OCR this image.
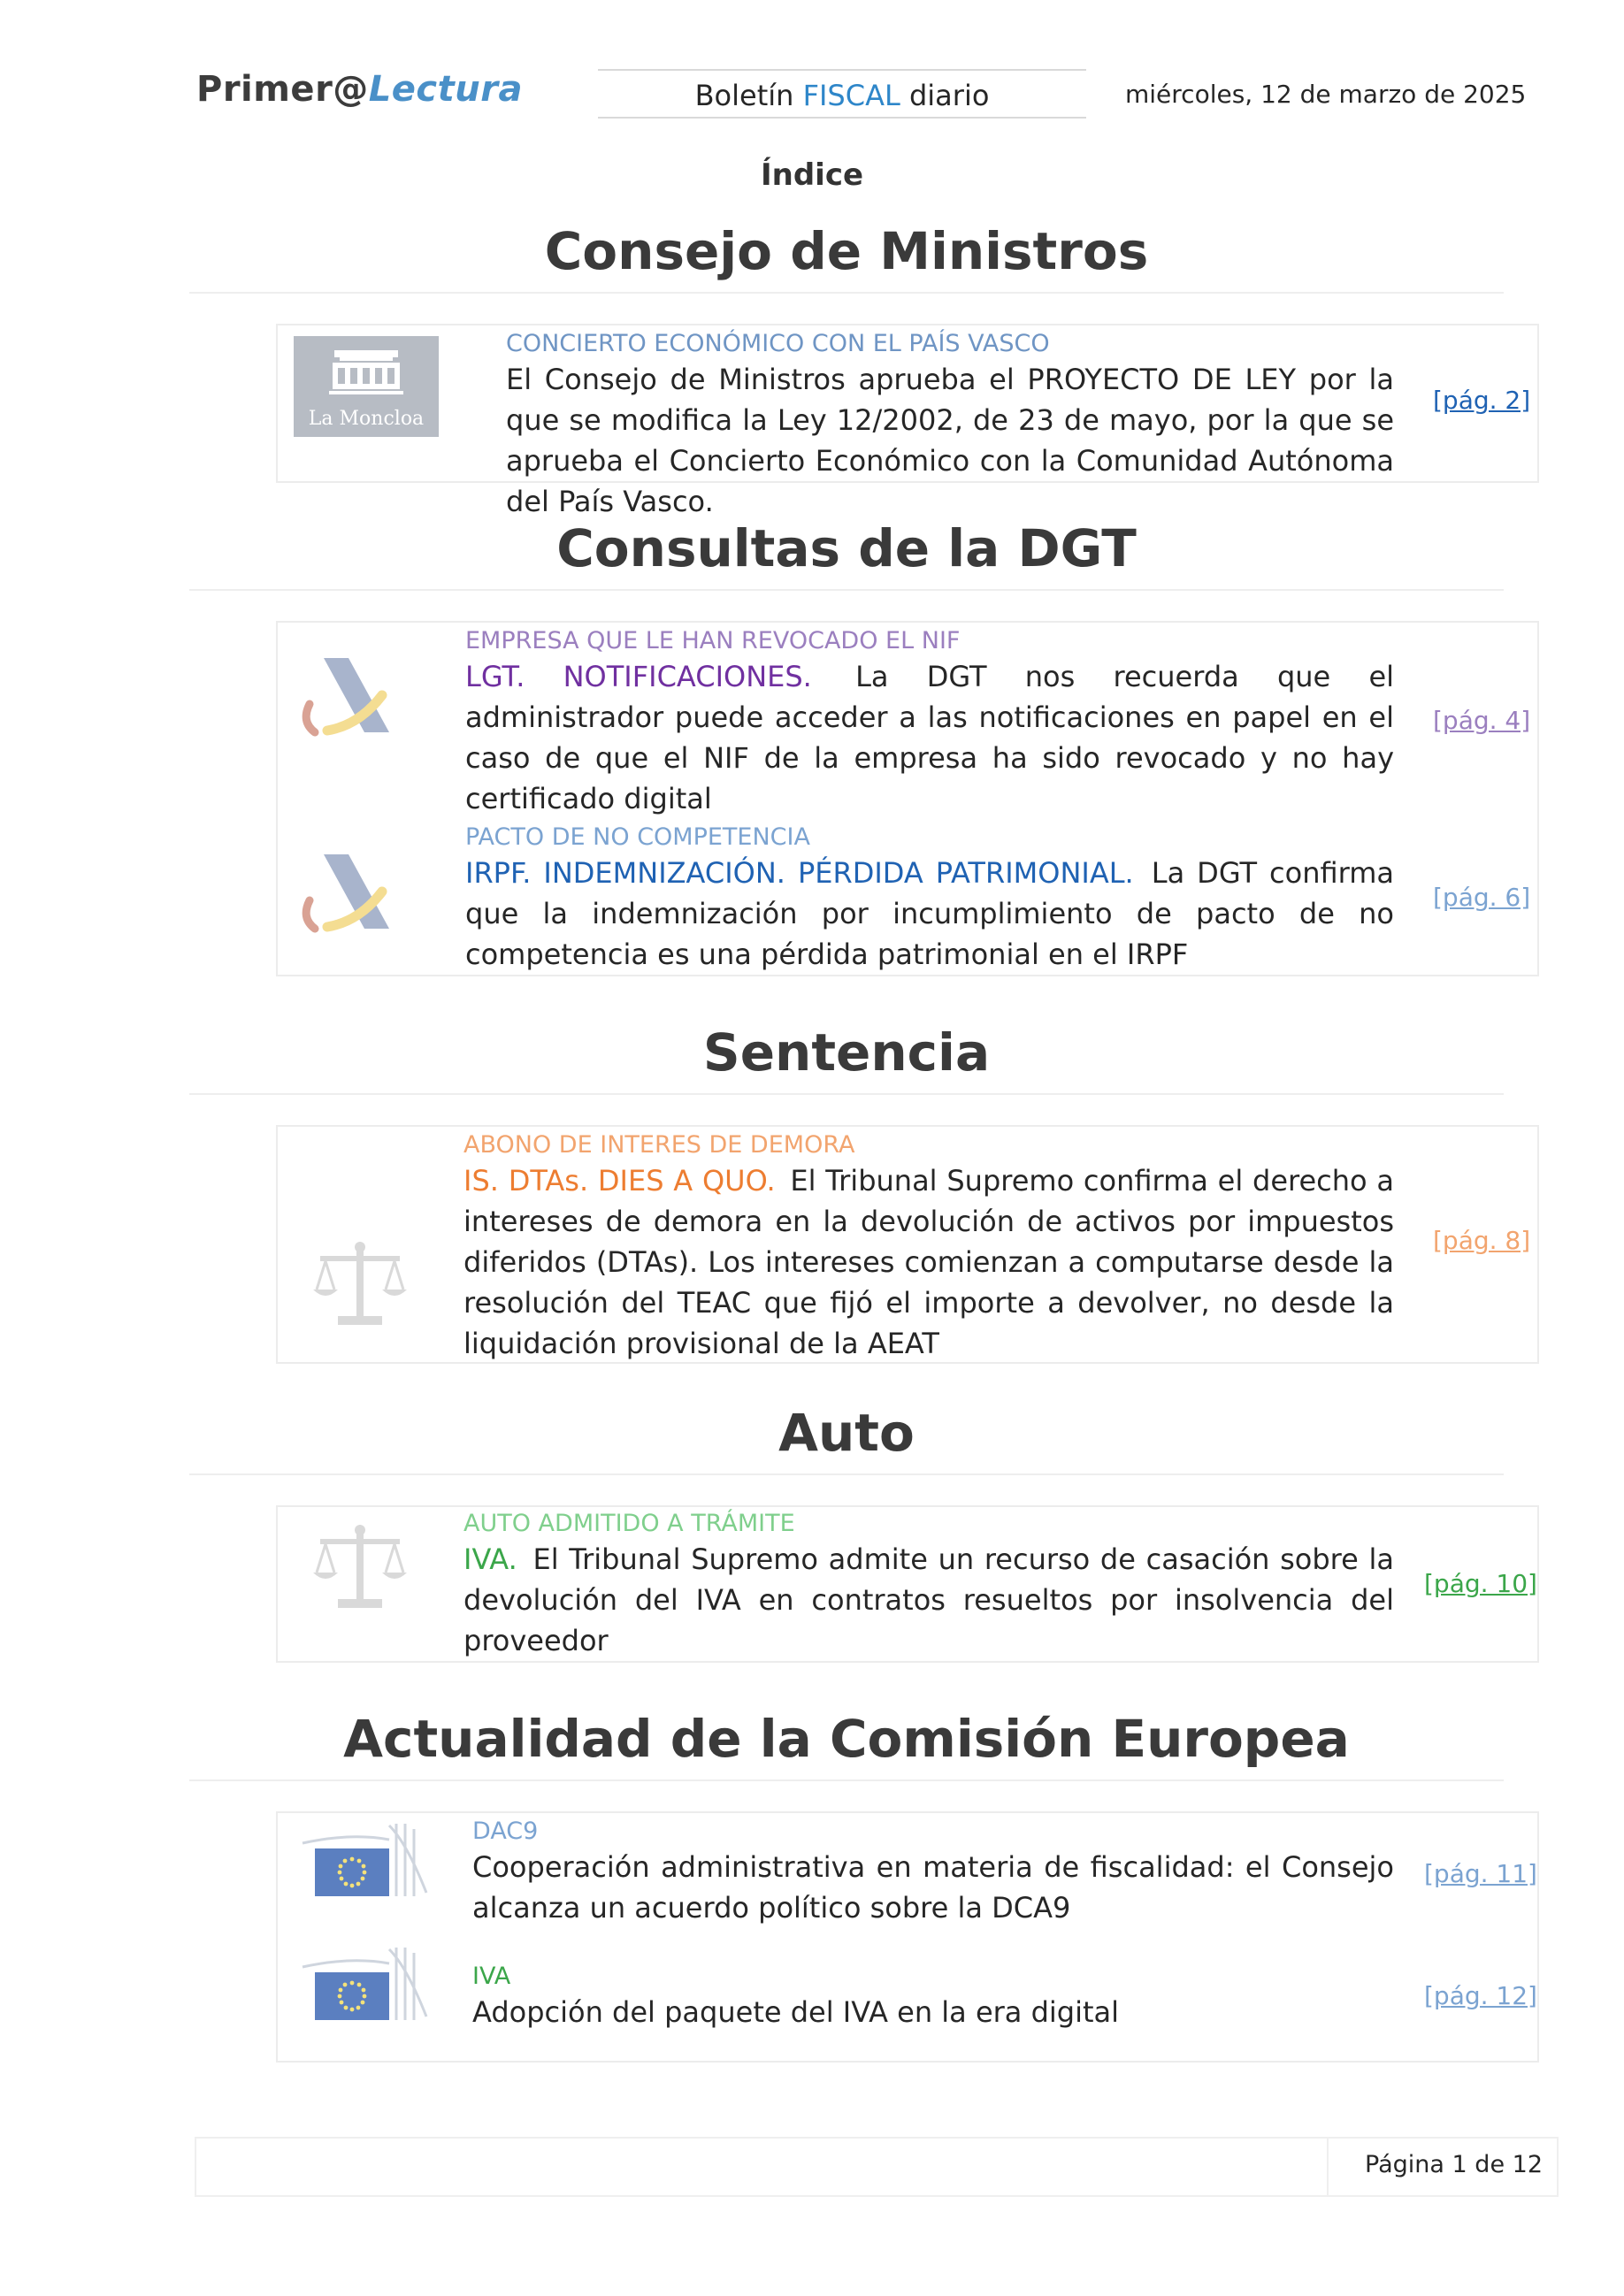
Primer@Lectura	Boletín FISCAL diario	miércoles, 12 de marzo de 2025
Índice
Consejo de Ministros
La Moncloa
CONCIERTO ECONÓMICO CON EL PAÍS VASCO
El Consejo de Ministros aprueba el PROYECTO DE LEY por la que se modifica la Ley 12/2002, de 23 de mayo, por la que se aprueba el Concierto Económico con la Comunidad Autónoma del País Vasco.
[pág. 2]
Consultas de la DGT
EMPRESA QUE LE HAN REVOCADO EL NIF
LGT. NOTIFICACIONES. La DGT nos recuerda que el administrador puede acceder a las notificaciones en papel en el caso de que el NIF de la empresa ha sido revocado y no hay certificado digital
[pág. 4]
PACTO DE NO COMPETENCIA
IRPF. INDEMNIZACIÓN. PÉRDIDA PATRIMONIAL. La DGT confirma que la indemnización por incumplimiento de pacto de no competencia es una pérdida patrimonial en el IRPF
[pág. 6]
Sentencia
ABONO DE INTERES DE DEMORA
IS. DTAs. DIES A QUO. El Tribunal Supremo confirma el derecho a intereses de demora en la devolución de activos por impuestos diferidos (DTAs). Los intereses comienzan a computarse desde la resolución del TEAC que fijó el importe a devolver, no desde la liquidación provisional de la AEAT
[pág. 8]
Auto
AUTO ADMITIDO A TRÁMITE
IVA. El Tribunal Supremo admite un recurso de casación sobre la devolución del IVA en contratos resueltos por insolvencia del proveedor
[pág. 10]
Actualidad de la Comisión Europea
DAC9
Cooperación administrativa en materia de fiscalidad: el Consejo alcanza un acuerdo político sobre la DCA9
[pág. 11]
IVA
Adopción del paquete del IVA en la era digital	[pág. 12]
Página 1 de 12
